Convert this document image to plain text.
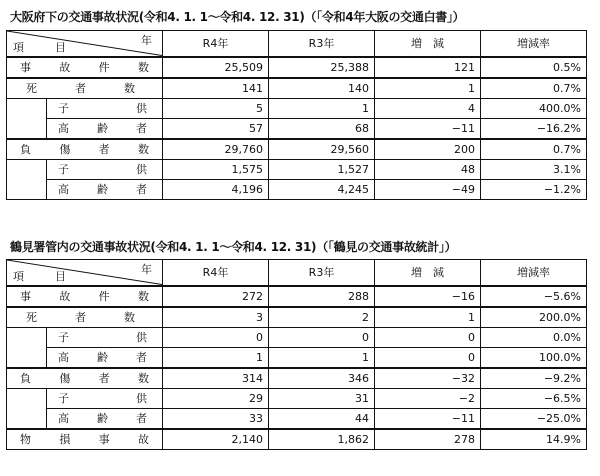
大阪府下の交通事故状況(令和4. 1. 1～令和4. 12. 31)（「令和4年大阪の交通白書」）
年
項　目		R4年	R3年	増　減	増減率

事 故 件 数		25,509	25,388	121	0.5%

死 者 数		141	140	1	0.7%

	子 供	5	1	4	400.0%

	高 齢 者	57	68	−11	−16.2%

負 傷 者 数		29,760	29,560	200	0.7%

	子 供	1,575	1,527	48	3.1%

	高 齢 者	4,196	4,245	−49	−1.2%
鶴見署管内の交通事故状況(令和4. 1. 1～令和4. 12. 31)（「鶴見の交通事故統計」）
年
項　目		R4年	R3年	増　減	増減率

事 故 件 数		272	288	−16	−5.6%

死 者 数		3	2	1	200.0%

	子 供	0	0	0	0.0%

	高 齢 者	1	1	0	100.0%

負 傷 者 数		314	346	−32	−9.2%

	子 供	29	31	−2	−6.5%

	高 齢 者	33	44	−11	−25.0%

物 損 事 故		2,140	1,862	278	14.9%
